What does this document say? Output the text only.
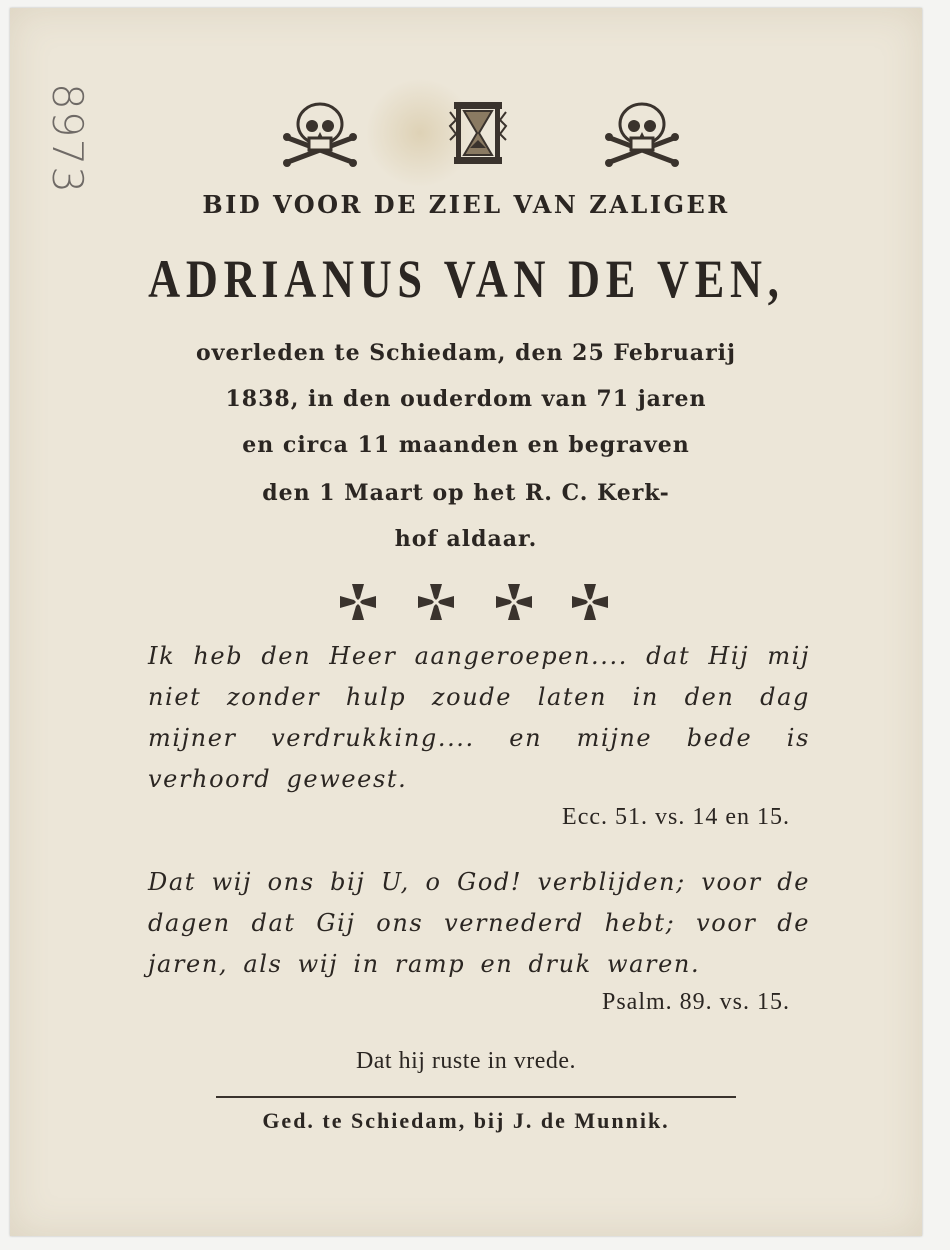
8973
BID VOOR DE ZIEL VAN ZALIGER
ADRIANUS VAN DE VEN,
overleden te Schiedam, den 25 Februarij
1838, in den ouderdom van 71 jaren
en circa 11 maanden en begraven
den 1 Maart op het R. C. Kerk-
hof aldaar.
Ik heb den Heer aangeroepen.... dat Hij mij niet zonder hulp zoude laten in den dag mijner verdrukking.... en mijne bede is verhoord geweest.
Ecc. 51. vs. 14 en 15.
Dat wij ons bij U, o God! verblijden; voor de dagen dat Gij ons vernederd hebt; voor de jaren, als wij in ramp en druk waren.
Psalm. 89. vs. 15.
Dat hij ruste in vrede.
Ged. te Schiedam, bij J. de Munnik.
